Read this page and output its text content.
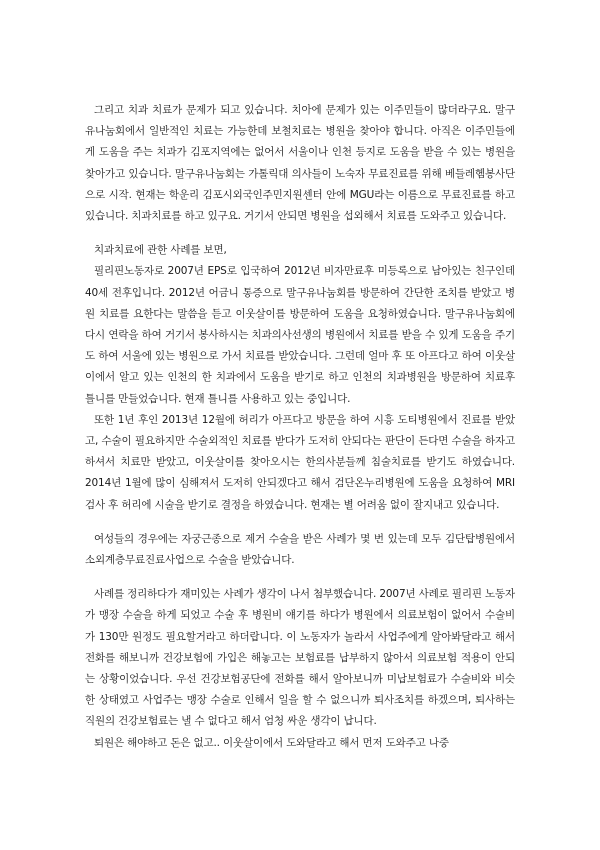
그리고 치과 치료가 문제가 되고 있습니다. 치아에 문제가 있는 이주민들이 많더라구요. 말구유나눔회에서 일반적인 치료는 가능한데 보철치료는 병원을 찾아야 합니다. 아직은 이주민들에게 도움을 주는 치과가 김포지역에는 없어서 서울이나 인천 등지로 도움을 받을 수 있는 병원을 찾아가고 있습니다. 말구유나눔회는 가톨릭대 의사들이 노숙자 무료진료를 위해 베들레헴봉사단으로 시작. 현재는 학운리 김포시외국인주민지원센터 안에 MGU라는 이름으로 무료진료를 하고 있습니다. 치과치료를 하고 있구요. 거기서 안되면 병원을 섭외해서 치료를 도와주고 있습니다.

치과치료에 관한 사례를 보면,

필리핀노동자로 2007년 EPS로 입국하여 2012년 비자만료후 미등록으로 남아있는 친구인데 40세 전후입니다. 2012년 어금니 통증으로 말구유나눔회를 방문하여 간단한 조치를 받았고 병원 치료를 요한다는 말씀을 듣고 이웃살이를 방문하여 도움을 요청하였습니다. 말구유나눔회에 다시 연락을 하여 거기서 봉사하시는 치과의사선생의 병원에서 치료를 받을 수 있게 도움을 주기도 하여 서울에 있는 병원으로 가서 치료를 받았습니다. 그런데 얼마 후 또 아프다고 하여 이웃살이에서 알고 있는 인천의 한 치과에서 도움을 받기로 하고 인천의 치과병원을 방문하여 치료후 틀니를 만들었습니다. 현재 틀니를 사용하고 있는 중입니다.

또한 1년 후인 2013년 12월에 허리가 아프다고 방문을 하여 시흥 도티병원에서 진료를 받았고, 수술이 필요하지만 수술외적인 치료를 받다가 도저히 안되다는 판단이 든다면 수술을 하자고 하셔서 치료만 받았고, 이웃살이를 찾아오시는 한의사분들께 침술치료를 받기도 하였습니다. 2014년 1월에 많이 심해져서 도저히 안되겠다고 해서 검단온누리병원에 도움을 요청하여 MRI 검사 후 허리에 시술을 받기로 결정을 하였습니다. 현재는 별 어려움 없이 잘지내고 있습니다.

여성들의 경우에는 자궁근종으로 제거 수술을 받은 사례가 몇 번 있는데 모두 김단탑병원에서 소외계층무료진료사업으로 수술을 받았습니다.

사례를 정리하다가 재미있는 사례가 생각이 나서 첨부했습니다. 2007년 사례로 필리핀 노동자가 맹장 수술을 하게 되었고 수술 후 병원비 얘기를 하다가 병원에서 의료보험이 없어서 수술비가 130만 원정도 필요할거라고 하더랍니다. 이 노동자가 놀라서 사업주에게 알아봐달라고 해서 전화를 해보니까 건강보험에 가입은 해놓고는 보험료를 납부하지 않아서 의료보험 적용이 안되는 상황이었습니다. 우선 건강보험공단에 전화를 해서 알아보니까 미납보험료가 수술비와 비슷한 상태였고 사업주는 맹장 수술로 인해서 일을 할 수 없으니까 퇴사조치를 하겠으며, 퇴사하는 직원의 건강보험료는 낼 수 없다고 해서 엄청 싸운 생각이 납니다.

퇴원은 해야하고 돈은 없고.. 이웃살이에서 도와달라고 해서 먼저 도와주고 나중
